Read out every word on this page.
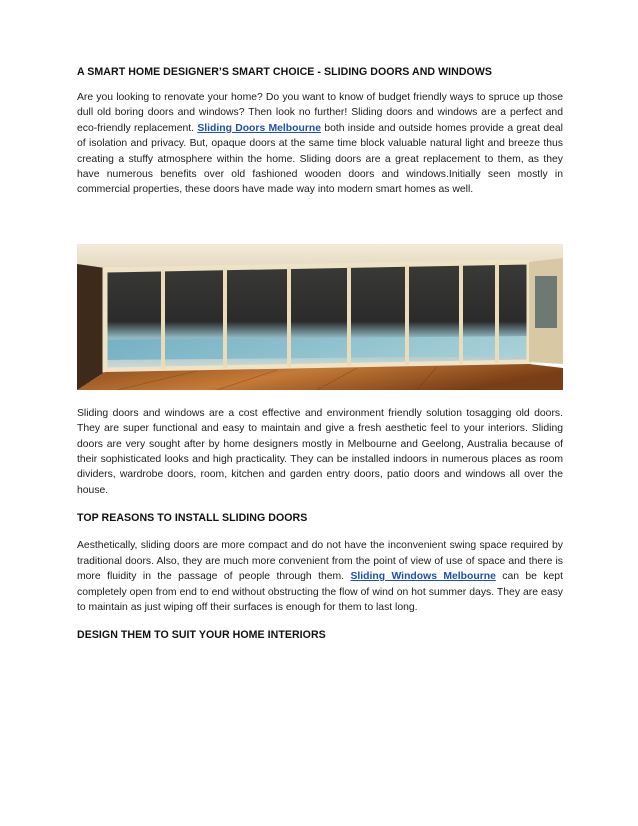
A SMART HOME DESIGNER’S SMART CHOICE - SLIDING DOORS AND WINDOWS

Are you looking to renovate your home? Do you want to know of budget friendly ways to spruce up those dull old boring doors and windows? Then look no further! Sliding doors and windows are a perfect and eco-friendly replacement. Sliding Doors Melbourne both inside and outside homes provide a great deal of isolation and privacy. But, opaque doors at the same time block valuable natural light and breeze thus creating a stuffy atmosphere within the home. Sliding doors are a great replacement to them, as they have numerous benefits over old fashioned wooden doors and windows.Initially seen mostly in commercial properties, these doors have made way into modern smart homes as well.

Sliding doors and windows are a cost effective and environment friendly solution tosagging old doors. They are super functional and easy to maintain and give a fresh aesthetic feel to your interiors. Sliding doors are very sought after by home designers mostly in Melbourne and Geelong, Australia because of their sophisticated looks and high practicality. They can be installed indoors in numerous places as room dividers, wardrobe doors, room, kitchen and garden entry doors, patio doors and windows all over the house.

TOP REASONS TO INSTALL SLIDING DOORS

Aesthetically, sliding doors are more compact and do not have the inconvenient swing space required by traditional doors. Also, they are much more convenient from the point of view of use of space and there is more fluidity in the passage of people through them. Sliding Windows Melbourne can be kept completely open from end to end without obstructing the flow of wind on hot summer days. They are easy to maintain as just wiping off their surfaces is enough for them to last long.

DESIGN THEM TO SUIT YOUR HOME INTERIORS
